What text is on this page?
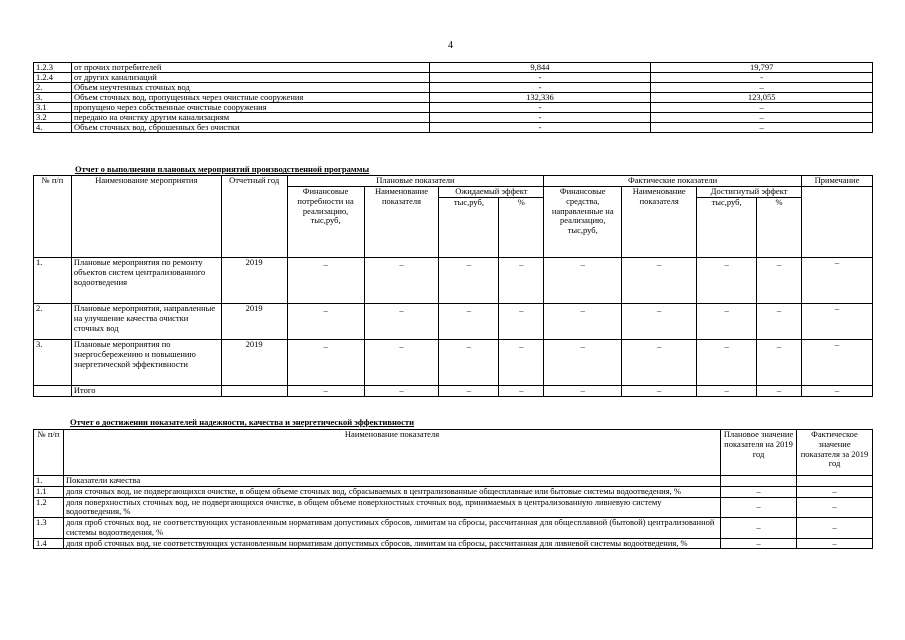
4
1.2.3	от прочих потребителей	9,844	19,797
1.2.4	от других канализаций	-	-
2.	Объем неучтенных сточных вод	-	–
3.	Объем сточных вод, пропущенных через очистные сооружения	132,336	123,055
3.1	пропущено через собственные очистные сооружения	-	–
3.2	передано на очистку другим канализациям	-	–
4.	Объем сточных вод, сброшенных без очистки	-	–
Отчет о выполнении плановых мероприятий производственной программы
№ п/п	Наименование мероприятия	Отчетный год	Плановые показатели				Фактические показатели				Примечание
			Финансовые потребности на реализацию, тыс,руб,	Наименование показателя	Ожидаемый эффект		Финансовые средства, направленные на реализацию, тыс,руб,	Наименование показателя	Достигнутый эффект		
					тыс,руб,	%			тыс,руб,	%	
1.	Плановые мероприятия по ремонту объектов систем централизованного водоотведения	2019	–	–	–	–	–	–	–	–	–
2.	Плановые мероприятия, направленные на улучшение качества очистки сточных вод	2019	–	–	–	–	–	–	–	–	–
3.	Плановые мероприятия по энергосбережению и повышению энергетической эффективности	2019	–	–	–	–	–	–	–	–	–
	Итого		–	–	–	–	–	–	–	–	–
Отчет о достижении показателей надежности, качества и энергетической эффективности
№ п/п	Наименование показателя	Плановое значение показателя на 2019 год	Фактическое значение показателя за 2019 год
1.	Показатели качества		
1.1	доля сточных вод, не подвергающихся очистке, в общем объеме сточных вод, сбрасываемых в централизованные общесплавные или бытовые системы водоотведения, %	–	–
1.2	доля поверхностных сточных вод, не подвергающихся очистке, в общем объеме поверхностных сточных вод, принимаемых в централизованную ливневую систему водоотведения, %	–	–
1.3	доля проб сточных вод, не соответствующих установленным нормативам допустимых сбросов, лимитам на сбросы, рассчитанная для общесплавной (бытовой) централизованной системы водоотведения, %	–	–
1.4	доля проб сточных вод, не соответствующих установленным нормативам допустимых сбросов, лимитам на сбросы, рассчитанная для ливневой системы водоотведения, %	–	–
